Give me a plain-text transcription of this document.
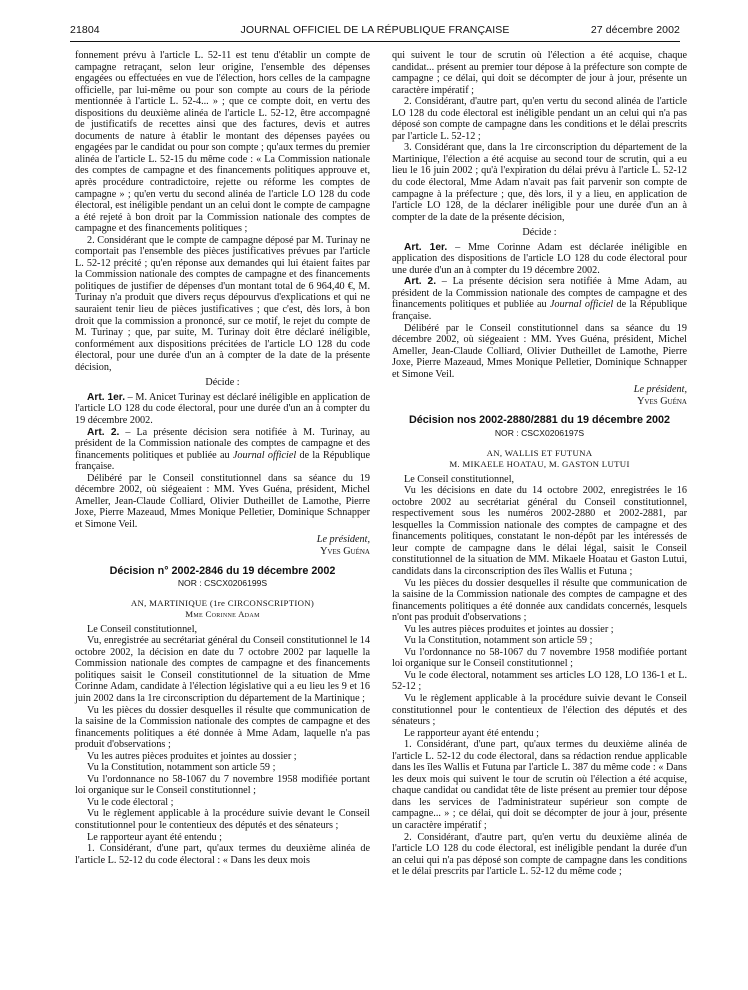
21804	JOURNAL OFFICIEL DE LA RÉPUBLIQUE FRANÇAISE	27 décembre 2002

fonnement prévu à l'article L. 52-11 est tenu d'établir un compte de campagne retraçant, selon leur origine, l'ensemble des dépenses engagées ou effectuées en vue de l'élection, hors celles de la campagne officielle, par lui-même ou pour son compte au cours de la période mentionnée à l'article L. 52-4... » ; que ce compte doit, en vertu des dispositions du deuxième alinéa de l'article L. 52-12, être accompagné de justificatifs de recettes ainsi que des factures, devis et autres documents de nature à établir le montant des dépenses payées ou engagées par le candidat ou pour son compte ; qu'aux termes du premier alinéa de l'article L. 52-15 du même code : « La Commission nationale des comptes de campagne et des financements politiques approuve et, après procédure contradictoire, rejette ou réforme les comptes de campagne » ; qu'en vertu du second alinéa de l'article LO 128 du code électoral, est inéligible pendant un an celui dont le compte de campagne a été rejeté à bon droit par la Commission nationale des comptes de campagne et des financements politiques ;

2. Considérant que le compte de campagne déposé par M. Turinay ne comportait pas l'ensemble des pièces justificatives prévues par l'article L. 52-12 précité ; qu'en réponse aux demandes qui lui étaient faites par la Commission nationale des comptes de campagne et des financements politiques de justifier de dépenses d'un montant total de 6 964,40 €, M. Turinay n'a produit que divers reçus dépourvus d'explications et qui ne sauraient tenir lieu de pièces justificatives ; que c'est, dès lors, à bon droit que la commission a prononcé, sur ce motif, le rejet du compte de M. Turinay ; que, par suite, M. Turinay doit être déclaré inéligible, conformément aux dispositions précitées de l'article LO 128 du code électoral, pour une durée d'un an à compter de la date de la présente décision,

Décide :

Art. 1er. – M. Anicet Turinay est déclaré inéligible en application de l'article LO 128 du code électoral, pour une durée d'un an à compter du 19 décembre 2002.

Art. 2. – La présente décision sera notifiée à M. Turinay, au président de la Commission nationale des comptes de campagne et des financements politiques et publiée au Journal officiel de la République française.

Délibéré par le Conseil constitutionnel dans sa séance du 19 décembre 2002, où siégeaient : MM. Yves Guéna, président, Michel Ameller, Jean-Claude Colliard, Olivier Dutheillet de Lamothe, Pierre Joxe, Pierre Mazeaud, Mmes Monique Pelletier, Dominique Schnapper et Simone Veil.

Le président,
Yves Guéna
Décision n° 2002-2846 du 19 décembre 2002
NOR : CSCX0206199S
AN, MARTINIQUE (1re CIRCONSCRIPTION)
Mme Corinne Adam

Le Conseil constitutionnel,

Vu, enregistrée au secrétariat général du Conseil constitutionnel le 14 octobre 2002, la décision en date du 7 octobre 2002 par laquelle la Commission nationale des comptes de campagne et des financements politiques saisit le Conseil constitutionnel de la situation de Mme Corinne Adam, candidate à l'élection législative qui a eu lieu les 9 et 16 juin 2002 dans la 1re circonscription du département de la Martinique ;

Vu les pièces du dossier desquelles il résulte que communication de la saisine de la Commission nationale des comptes de campagne et des financements politiques a été donnée à Mme Adam, laquelle n'a pas produit d'observations ;

Vu les autres pièces produites et jointes au dossier ;

Vu la Constitution, notamment son article 59 ;

Vu l'ordonnance no 58-1067 du 7 novembre 1958 modifiée portant loi organique sur le Conseil constitutionnel ;

Vu le code électoral ;

Vu le règlement applicable à la procédure suivie devant le Conseil constitutionnel pour le contentieux des députés et des sénateurs ;

Le rapporteur ayant été entendu ;

1. Considérant, d'une part, qu'aux termes du deuxième alinéa de l'article L. 52-12 du code électoral : « Dans les deux mois

qui suivent le tour de scrutin où l'élection a été acquise, chaque candidat... présent au premier tour dépose à la préfecture son compte de campagne ; ce délai, qui doit se décompter de jour à jour, présente un caractère impératif ;

2. Considérant, d'autre part, qu'en vertu du second alinéa de l'article LO 128 du code électoral est inéligible pendant un an celui qui n'a pas déposé son compte de campagne dans les conditions et le délai prescrits par l'article L. 52-12 ;

3. Considérant que, dans la 1re circonscription du département de la Martinique, l'élection a été acquise au second tour de scrutin, qui a eu lieu le 16 juin 2002 ; qu'à l'expiration du délai prévu à l'article L. 52-12 du code électoral, Mme Adam n'avait pas fait parvenir son compte de campagne à la préfecture ; que, dès lors, il y a lieu, en application de l'article LO 128, de la déclarer inéligible pour une durée d'un an à compter de la date de la présente décision,

Décide :

Art. 1er. – Mme Corinne Adam est déclarée inéligible en application des dispositions de l'article LO 128 du code électoral pour une durée d'un an à compter du 19 décembre 2002.

Art. 2. – La présente décision sera notifiée à Mme Adam, au président de la Commission nationale des comptes de campagne et des financements politiques et publiée au Journal officiel de la République française.

Délibéré par le Conseil constitutionnel dans sa séance du 19 décembre 2002, où siégeaient : MM. Yves Guéna, président, Michel Ameller, Jean-Claude Colliard, Olivier Dutheillet de Lamothe, Pierre Joxe, Pierre Mazeaud, Mmes Monique Pelletier, Dominique Schnapper et Simone Veil.

Le président,
Yves Guéna
Décision nos 2002-2880/2881 du 19 décembre 2002
NOR : CSCX0206197S
AN, WALLIS ET FUTUNA
M. MIKAELE HOATAU, M. GASTON LUTUI

Le Conseil constitutionnel,

Vu les décisions en date du 14 octobre 2002, enregistrées le 16 octobre 2002 au secrétariat général du Conseil constitutionnel, respectivement sous les numéros 2002-2880 et 2002-2881, par lesquelles la Commission nationale des comptes de campagne et des financements politiques, constatant le non-dépôt par les intéressés de leur compte de campagne dans le délai légal, saisit le Conseil constitutionnel de la situation de MM. Mikaele Hoatau et Gaston Lutui, candidats dans la circonscription des îles Wallis et Futuna ;

Vu les pièces du dossier desquelles il résulte que communication de la saisine de la Commission nationale des comptes de campagne et des financements politiques a été donnée aux candidats concernés, lesquels n'ont pas produit d'observations ;

Vu les autres pièces produites et jointes au dossier ;

Vu la Constitution, notamment son article 59 ;

Vu l'ordonnance no 58-1067 du 7 novembre 1958 modifiée portant loi organique sur le Conseil constitutionnel ;

Vu le code électoral, notamment ses articles LO 128, LO 136-1 et L. 52-12 ;

Vu le règlement applicable à la procédure suivie devant le Conseil constitutionnel pour le contentieux de l'élection des députés et des sénateurs ;

Le rapporteur ayant été entendu ;

1. Considérant, d'une part, qu'aux termes du deuxième alinéa de l'article L. 52-12 du code électoral, dans sa rédaction rendue applicable dans les îles Wallis et Futuna par l'article L. 387 du même code : « Dans les deux mois qui suivent le tour de scrutin où l'élection a été acquise, chaque candidat ou candidat tête de liste présent au premier tour dépose dans les services de l'administrateur supérieur son compte de campagne... » ; ce délai, qui doit se décompter de jour à jour, présente un caractère impératif ;

2. Considérant, d'autre part, qu'en vertu du deuxième alinéa de l'article LO 128 du code électoral, est inéligible pendant la durée d'un an celui qui n'a pas déposé son compte de campagne dans les conditions et le délai prescrits par l'article L. 52-12 du même code ;
